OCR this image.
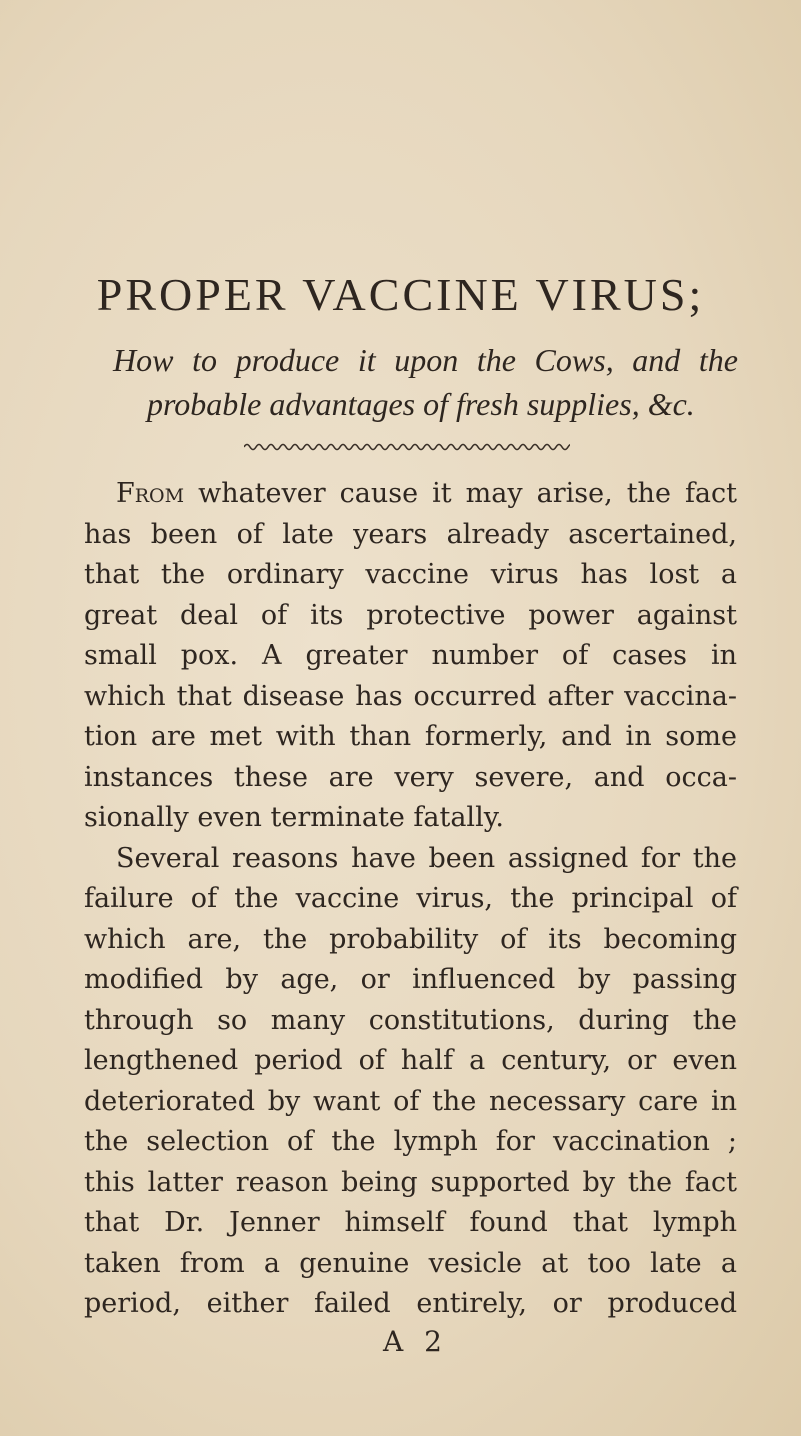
PROPER VACCINE VIRUS;

How to produce it upon the Cows, and the

probable advantages of fresh supplies, &c.

From whatever cause it may arise, the fact

has been of late years already ascertained,

that the ordinary vaccine virus has lost a

great deal of its protective power against

small pox. A greater number of cases in

which that disease has occurred after vaccina-

tion are met with than formerly, and in some

instances these are very severe, and occa-

sionally even terminate fatally.

Several reasons have been assigned for the

failure of the vaccine virus, the principal of

which are, the probability of its becoming

modified by age, or influenced by passing

through so many constitutions, during the

lengthened period of half a century, or even

deteriorated by want of the necessary care in

the selection of the lymph for vaccination ;

this latter reason being supported by the fact

that Dr. Jenner himself found that lymph

taken from a genuine vesicle at too late a

period, either failed entirely, or produced

A 2
